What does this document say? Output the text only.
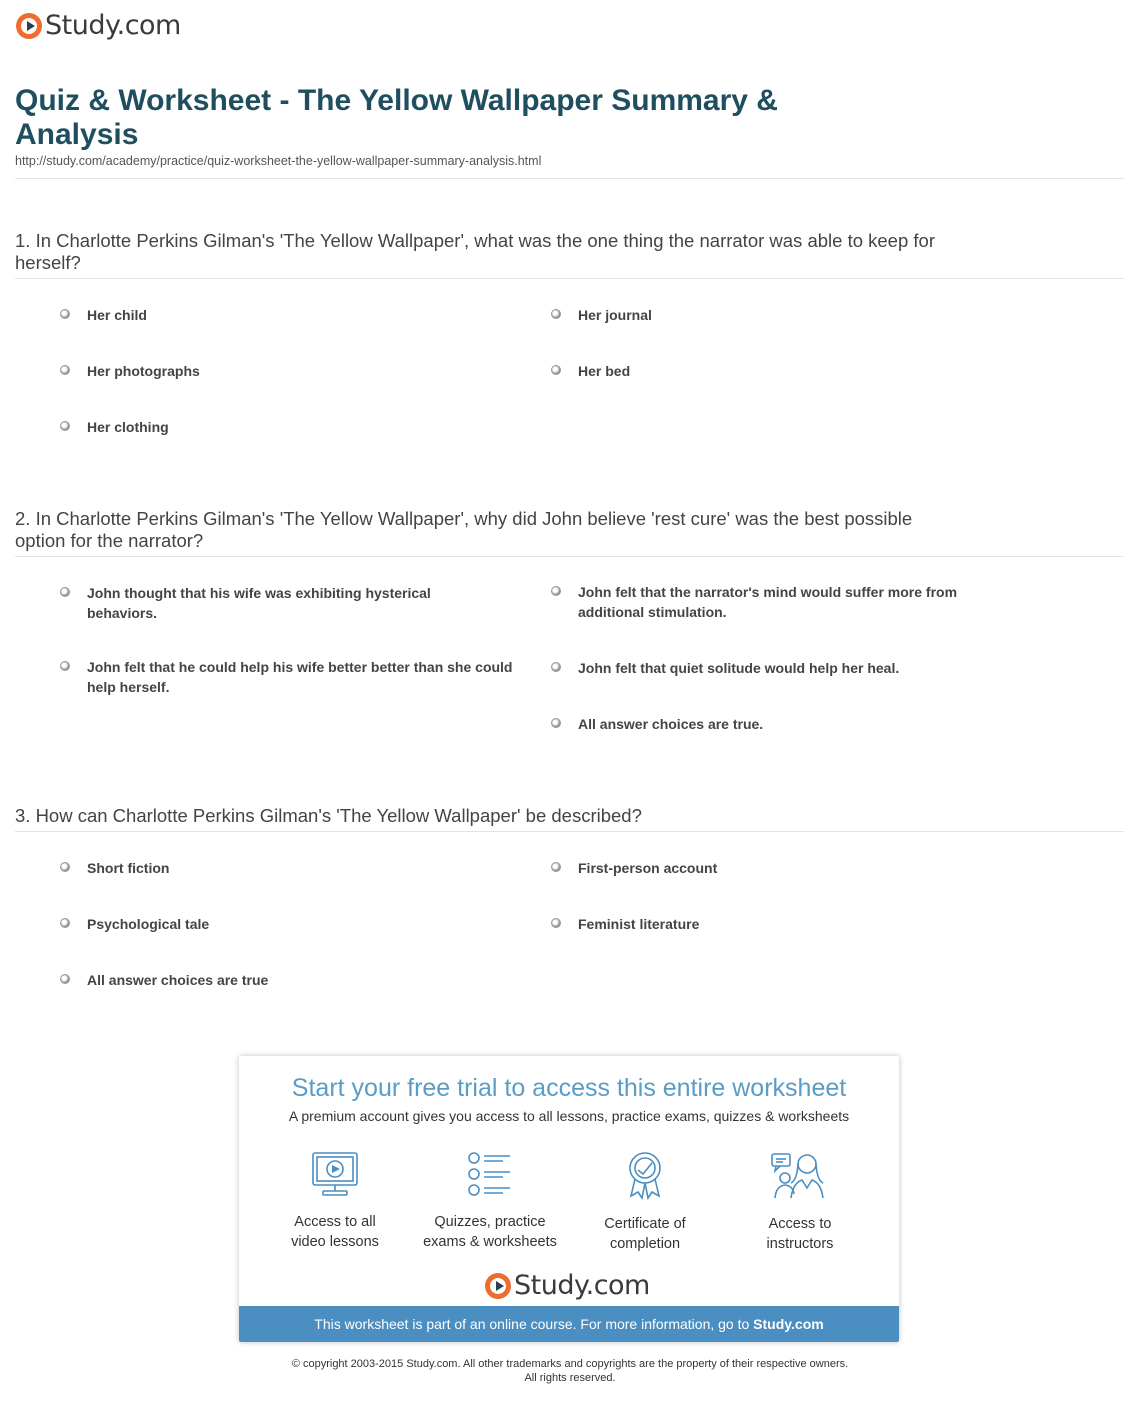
Study.com
Quiz & Worksheet - The Yellow Wallpaper Summary & Analysis
http://study.com/academy/practice/quiz-worksheet-the-yellow-wallpaper-summary-analysis.html
1. In Charlotte Perkins Gilman's 'The Yellow Wallpaper', what was the one thing the narrator was able to keep for herself?
Her child	Her journal
Her photographs	Her bed
Her clothing
2. In Charlotte Perkins Gilman's 'The Yellow Wallpaper', why did John believe 'rest cure' was the best possible option for the narrator?
John thought that his wife was exhibiting hysterical behaviors.
John felt that the narrator's mind would suffer more from additional stimulation.
John felt that he could help his wife better better than she could help herself.
John felt that quiet solitude would help her heal.
All answer choices are true.
3. How can Charlotte Perkins Gilman's 'The Yellow Wallpaper' be described?
Short fiction	First-person account
Psychological tale	Feminist literature
All answer choices are true
Start your free trial to access this entire worksheet
A premium account gives you access to all lessons, practice exams, quizzes & worksheets
Access to all
video lessons
Quizzes, practice
exams & worksheets
Certificate of
completion
Access to
instructors
Study.com
This worksheet is part of an online course. For more information, go to Study.com
© copyright 2003-2015 Study.com. All other trademarks and copyrights are the property of their respective owners.
All rights reserved.
